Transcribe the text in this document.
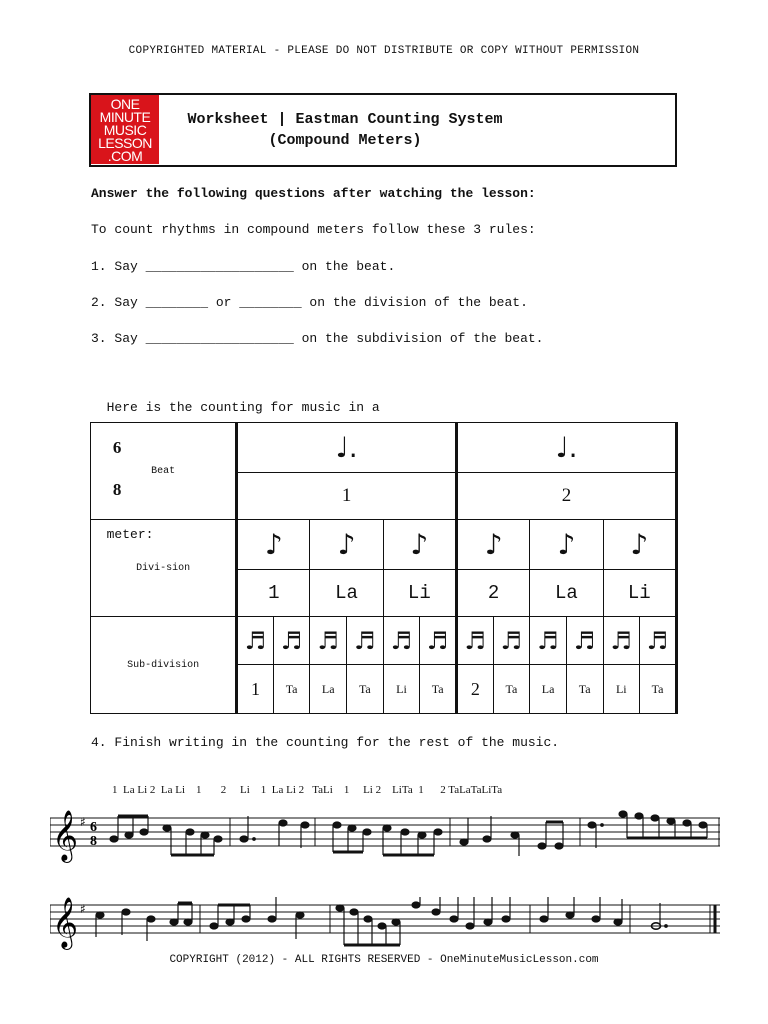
COPYRIGHTED MATERIAL - PLEASE DO NOT DISTRIBUTE OR COPY WITHOUT PERMISSION
ONE
MINUTE
MUSIC
LESSON
.COM
Worksheet | Eastman Counting System
(Compound Meters)
Answer the following questions after watching the lesson:
To count rhythms in compound meters follow these 3 rules:
1. Say ___________________ on the beat.
2. Say ________ or ________ on the division of the beat.
3. Say ___________________ on the subdivision of the beat.

Here is the counting for music in a

6

8

meter:

Beat	♩.						♩.					
	1						2					
Divi-sion	♪		♪		♪		♪		♪		♪	
	1		La		Li		2		La		Li	
Sub-division	♬	♬	♬	♬	♬	♬	♬	♬	♬	♬	♬	♬
	1	Ta	La	Ta	Li	Ta	2	Ta	La	Ta	Li	Ta
4. Finish writing in the counting for the rest of the music.
1  La Li 2  La Li    1       2     Li    1  La Li 2   TaLi    1     Li 2    LiTa  1      2 TaLaTaLiTa
𝄞 ♯ 6
8
𝄞 ♯
COPYRIGHT (2012) - ALL RIGHTS RESERVED - OneMinuteMusicLesson.com
